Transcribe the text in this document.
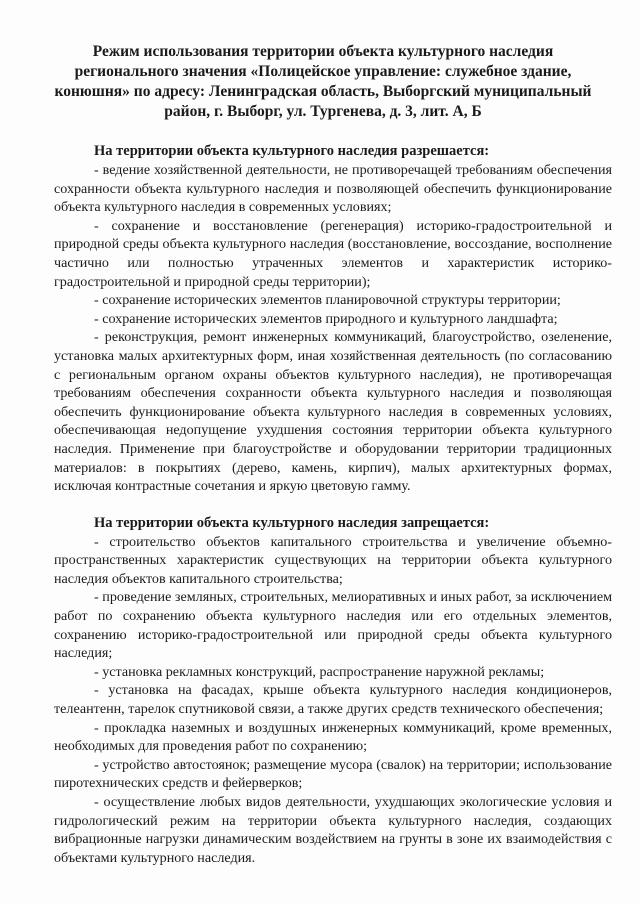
Режим использования территории объекта культурного наследия регионального значения «Полицейское управление: служебное здание, конюшня» по адресу: Ленинградская область, Выборгский муниципальный район, г. Выборг, ул. Тургенева, д. 3, лит. А, Б

На территории объекта культурного наследия разрешается:

- ведение хозяйственной деятельности, не противоречащей требованиям обеспечения сохранности объекта культурного наследия и позволяющей обеспечить функционирование объекта культурного наследия в современных условиях;

- сохранение и восстановление (регенерация) историко-градостроительной и природной среды объекта культурного наследия (восстановление, воссоздание, восполнение частично или полностью утраченных элементов и характеристик историко-градостроительной и природной среды территории);

- сохранение исторических элементов планировочной структуры территории;

- сохранение исторических элементов природного и культурного ландшафта;

- реконструкция, ремонт инженерных коммуникаций, благоустройство, озеленение, установка малых архитектурных форм, иная хозяйственная деятельность (по согласованию с региональным органом охраны объектов культурного наследия), не противоречащая требованиям обеспечения сохранности объекта культурного наследия и позволяющая обеспечить функционирование объекта культурного наследия в современных условиях, обеспечивающая недопущение ухудшения состояния территории объекта культурного наследия. Применение при благоустройстве и оборудовании территории традиционных материалов: в покрытиях (дерево, камень, кирпич), малых архитектурных формах, исключая контрастные сочетания и яркую цветовую гамму.

На территории объекта культурного наследия запрещается:

- строительство объектов капитального строительства и увеличение объемно-пространственных характеристик существующих на территории объекта культурного наследия объектов капитального строительства;

- проведение земляных, строительных, мелиоративных и иных работ, за исключением работ по сохранению объекта культурного наследия или его отдельных элементов, сохранению историко-градостроительной или природной среды объекта культурного наследия;

- установка рекламных конструкций, распространение наружной рекламы;

- установка на фасадах, крыше объекта культурного наследия кондиционеров, телеантенн, тарелок спутниковой связи, а также других средств технического обеспечения;

- прокладка наземных и воздушных инженерных коммуникаций, кроме временных, необходимых для проведения работ по сохранению;

- устройство автостоянок; размещение мусора (свалок) на территории; использование пиротехнических средств и фейерверков;

- осуществление любых видов деятельности, ухудшающих экологические условия и гидрологический режим на территории объекта культурного наследия, создающих вибрационные нагрузки динамическим воздействием на грунты в зоне их взаимодействия с объектами культурного наследия.
